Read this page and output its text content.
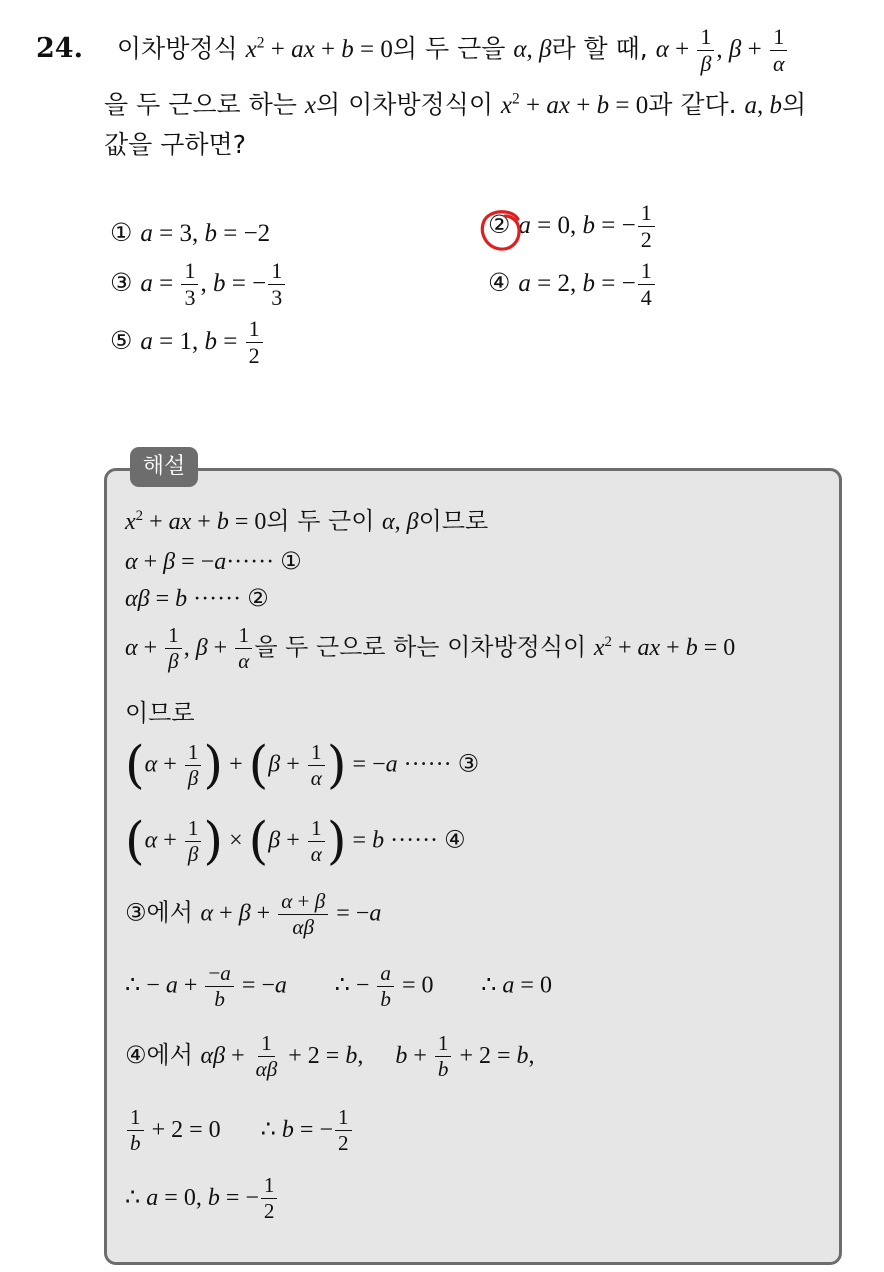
24. 이차방정식 $x^2$ + ax + b = 0의 두 근을 α, β라 할 때, $\alpha + \frac{1}{\beta}$ , $\beta + \frac{1}{\alpha}$
을 두 근으로 하는 x의 이차방정식이 $x^2$ + ax + b = 0과 같다. a, b의
값을 구하면?
① a = 3, b = −2	② a = 0, b = − $\frac{1}{2}$
③ $a = \frac{1}{3}$ , b = − $\frac{1}{3}$	④ a = 2, b = − $\frac{1}{4}$
⑤ a = 1, $b = \frac{1}{2}$
해설
$x^2$ + ax + b = 0의 두 근이 α, β이므로
α + β = −a······ ①
αβ = b ······ ②
$\alpha + \frac{1}{\beta}$ , $\beta + \frac{1}{\alpha}$ 을 두 근으로 하는 이차방정식이 $x^2$ + ax + b = 0
이므로
($\alpha + \frac{1}{\beta}$ ) + ($\beta + \frac{1}{\alpha}$ ) = −a ······ ③
($\alpha + \frac{1}{\beta}$ ) × ($\beta + \frac{1}{\alpha}$ ) = b ······ ④
③에서 $\alpha + \beta + \frac{\alpha + \beta}{\alpha\beta} = -a$
∴ − $a + \frac{-a}{b} = -a$ ∴ − $\frac{a}{b} = 0$ ∴ a = 0
④에서 $\alpha\beta + \frac{1}{\alpha\beta} + 2 = b$, $b + \frac{1}{b} + 2 = b$,
$\frac{1}{b} + 2 = 0$ ∴ b = − $\frac{1}{2}$
∴ a = 0, b = − $\frac{1}{2}$
